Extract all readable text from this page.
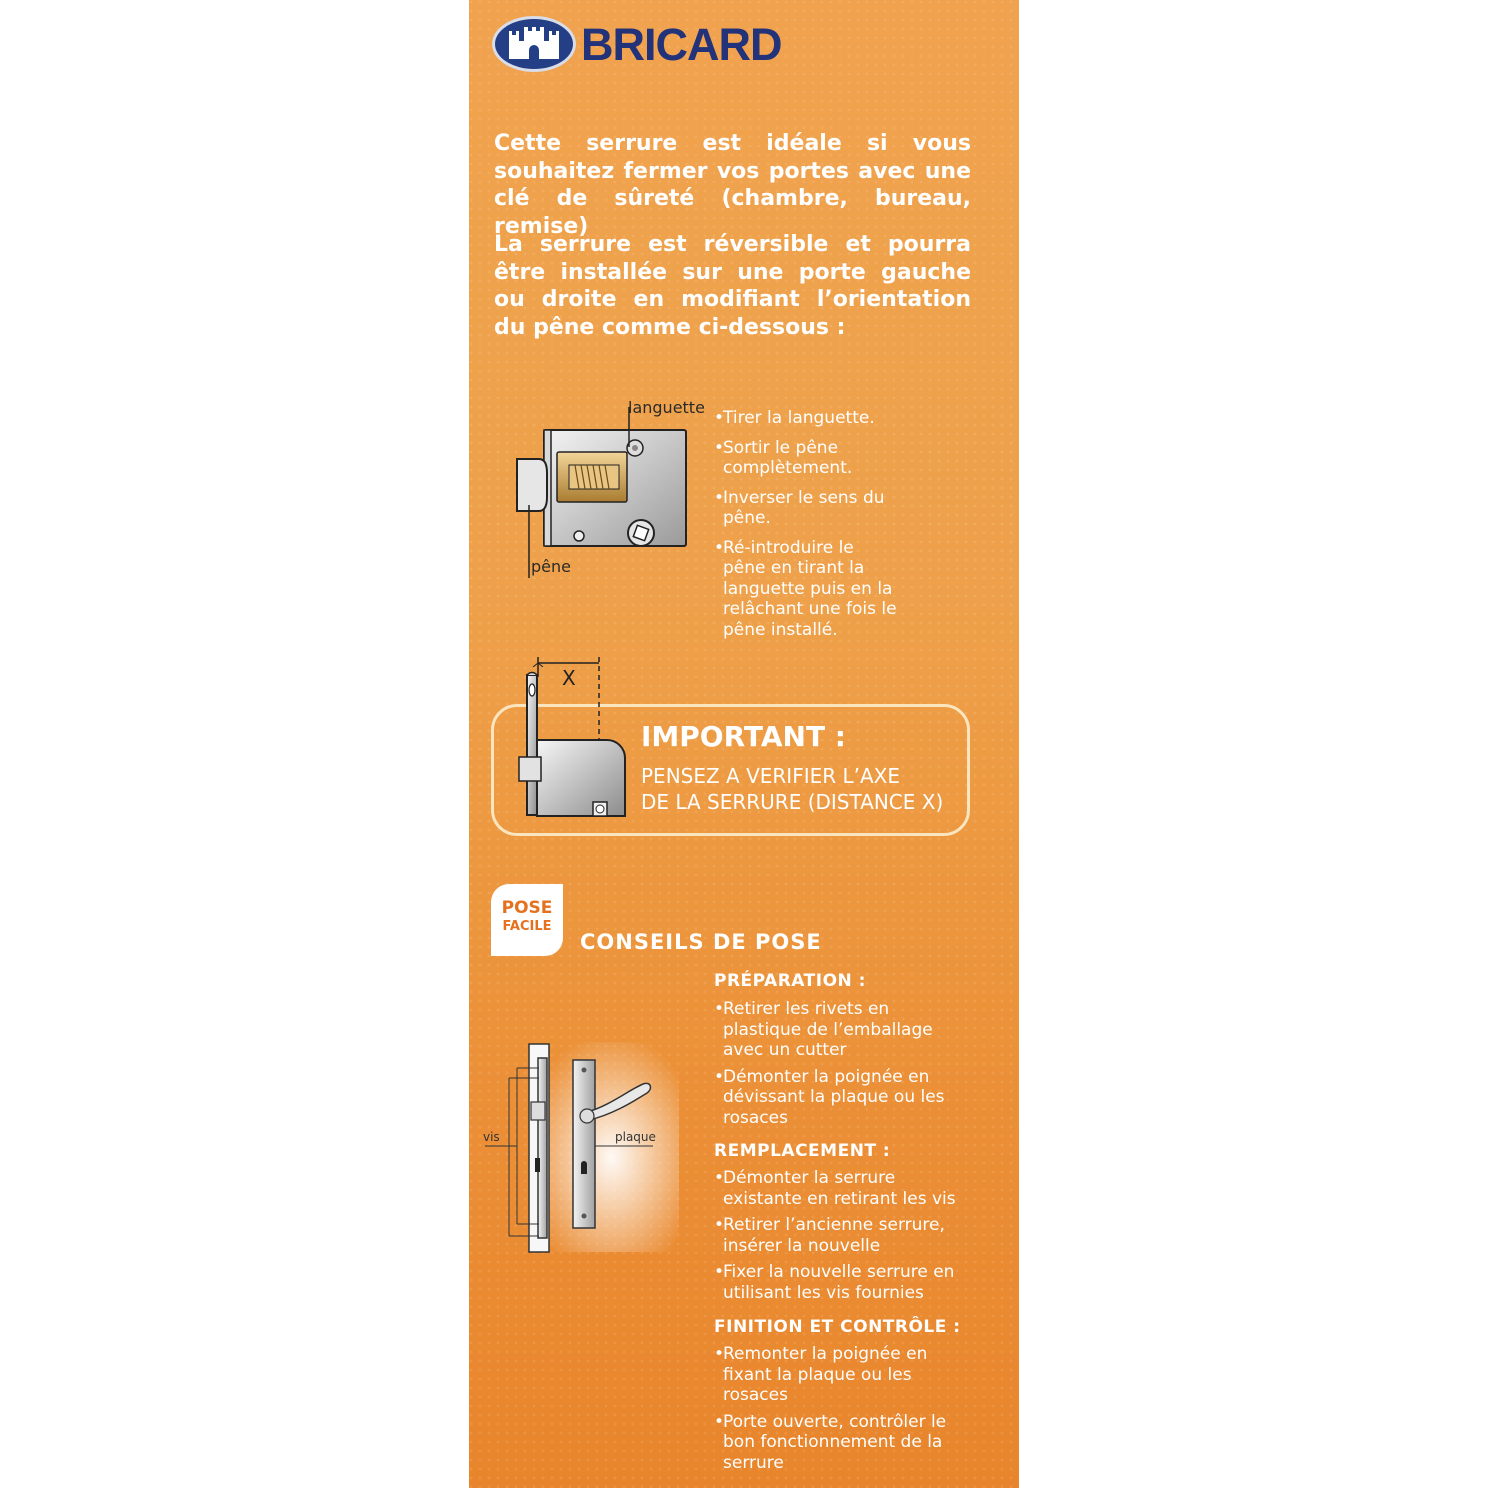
BRICARD

Cette serrure est idéale si vous souhaitez fermer vos portes avec une clé de sûreté (chambre, bureau, remise)

La serrure est réversible et pourra être installée sur une porte gauche ou droite en modifiant l’orientation du pêne comme ci-dessous :

languette
pêne
• Tirer la languette.
• Sortir le pêne complètement.
• Inverser le sens du pêne.
• Ré-introduire le pêne en tirant la languette puis en la relâchant une fois le pêne installé.
X
IMPORTANT :
PENSEZ A VERIFIER L’AXE
DE LA SERRURE (DISTANCE X)
POSE
FACILE
CONSEILS DE POSE
vis	plaque
PRÉPARATION :
• Retirer les rivets en plastique de l’emballage avec un cutter
• Démonter la poignée en dévissant la plaque ou les rosaces
REMPLACEMENT :
• Démonter la serrure existante en retirant les vis
• Retirer l’ancienne serrure, insérer la nouvelle
• Fixer la nouvelle serrure en utilisant les vis fournies
FINITION ET CONTRÔLE :
• Remonter la poignée en fixant la plaque ou les rosaces
• Porte ouverte, contrôler le bon fonctionnement de la serrure
